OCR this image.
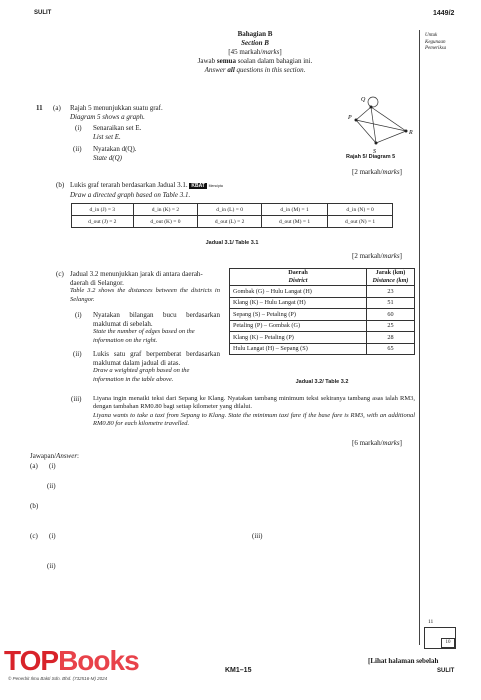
SULIT	1449/2
Untuk
Kegunaan
Pemeriksa
Bahagian B
Section B
[45 markah/marks]
Jawab semua soalan dalam bahagian ini.
Answer all questions in this section.
11 (a) Rajah 5 menunjukkan suatu graf.
Diagram 5 shows a graph.
(i) Senaraikan set E.
List set E.
(ii) Nyatakan d(Q).
State d(Q)
Q
P
R
S
Rajah 5/ Diagram 5
[2 markah/marks]
(b) Lukis graf terarah berdasarkan Jadual 3.1. KBAT Mencipta
Draw a directed graph based on Table 3.1.
d_in (J) = 3	d_in (K) = 2	d_in (L) = 0	d_in (M) = 1	d_in (N) = 0
d_out (J) = 2	d_out (K) = 0	d_out (L) = 2	d_out (M) = 1	d_out (N) = 1
Jadual 3.1/ Table 3.1
[2 markah/marks]
(c) Jadual 3.2 menunjukkan jarak di antara daerah-daerah di Selangor.
Table 3.2 shows the distances between the districts in Selangor.
(i) Nyatakan bilangan bucu berdasarkan maklumat di sebelah.
State the number of edges based on the information on the right.
(ii) Lukis satu graf berpemberat berdasarkan maklumat dalam jadual di atas.
Draw a weighted graph based on the information in the table above.
Daerah
District	Jarak (km)
Distance (km)
Gombak (G) – Hulu Langat (H)	23
Klang (K) – Hulu Langat (H)	51
Sepang (S) – Petaling (P)	60
Petaling (P) – Gombak (G)	25
Klang (K) – Petaling (P)	28
Hulu Langat (H) – Sepang (S)	65
Jadual 3.2/ Table 3.2
(iii) Liyana ingin menaiki teksi dari Sepang ke Klang. Nyatakan tambang minimum teksi sekiranya tambang asas ialah RM3, dengan tambahan RM0.80 bagi setiap kilometer yang dilalui.
Liyana wants to take a taxi from Sepang to Klang. State the minimum taxi fare if the base fare is RM3, with an additional RM0.80 for each kilometre travelled.
[6 markah/marks]
Jawapan/Answer:
(a) (i)
(ii)
(b)
(c) (i)	(iii)
(ii)
11
10
TOPBooks
© Penerbit Ilmu Bakti Sdn. Bhd. (732516-M) 2024
KM1–15
[Lihat halaman sebelah
SULIT
